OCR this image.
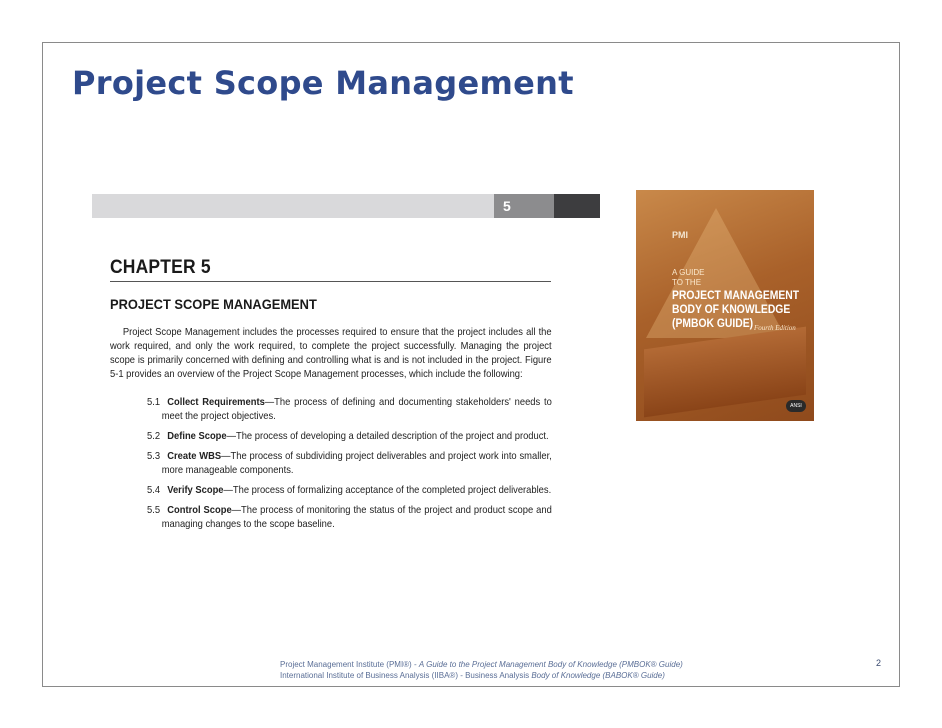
Project Scope Management
5
CHAPTER 5
PROJECT SCOPE MANAGEMENT

Project Scope Management includes the processes required to ensure that the project includes all the work required, and only the work required, to complete the project successfully. Managing the project scope is primarily concerned with defining and controlling what is and is not included in the project. Figure 5-1 provides an overview of the Project Scope Management processes, which include the following:

5.1 Collect Requirements—The process of defining and documenting stakeholders' needs to meet the project objectives.
5.2 Define Scope—The process of developing a detailed description of the project and product.
5.3 Create WBS—The process of subdividing project deliverables and project work into smaller, more manageable components.
5.4 Verify Scope—The process of formalizing acceptance of the completed project deliverables.
5.5 Control Scope—The process of monitoring the status of the project and product scope and managing changes to the scope baseline.
PMI
A GUIDE
TO THE
PROJECT MANAGEMENT
BODY OF KNOWLEDGE
(PMBOK GUIDE) Fourth Edition
ANSI
Project Management Institute (PMI®) - A Guide to the Project Management Body of Knowledge (PMBOK® Guide)
International Institute of Business Analysis (IIBA®) - Business Analysis Body of Knowledge (BABOK® Guide)
2
